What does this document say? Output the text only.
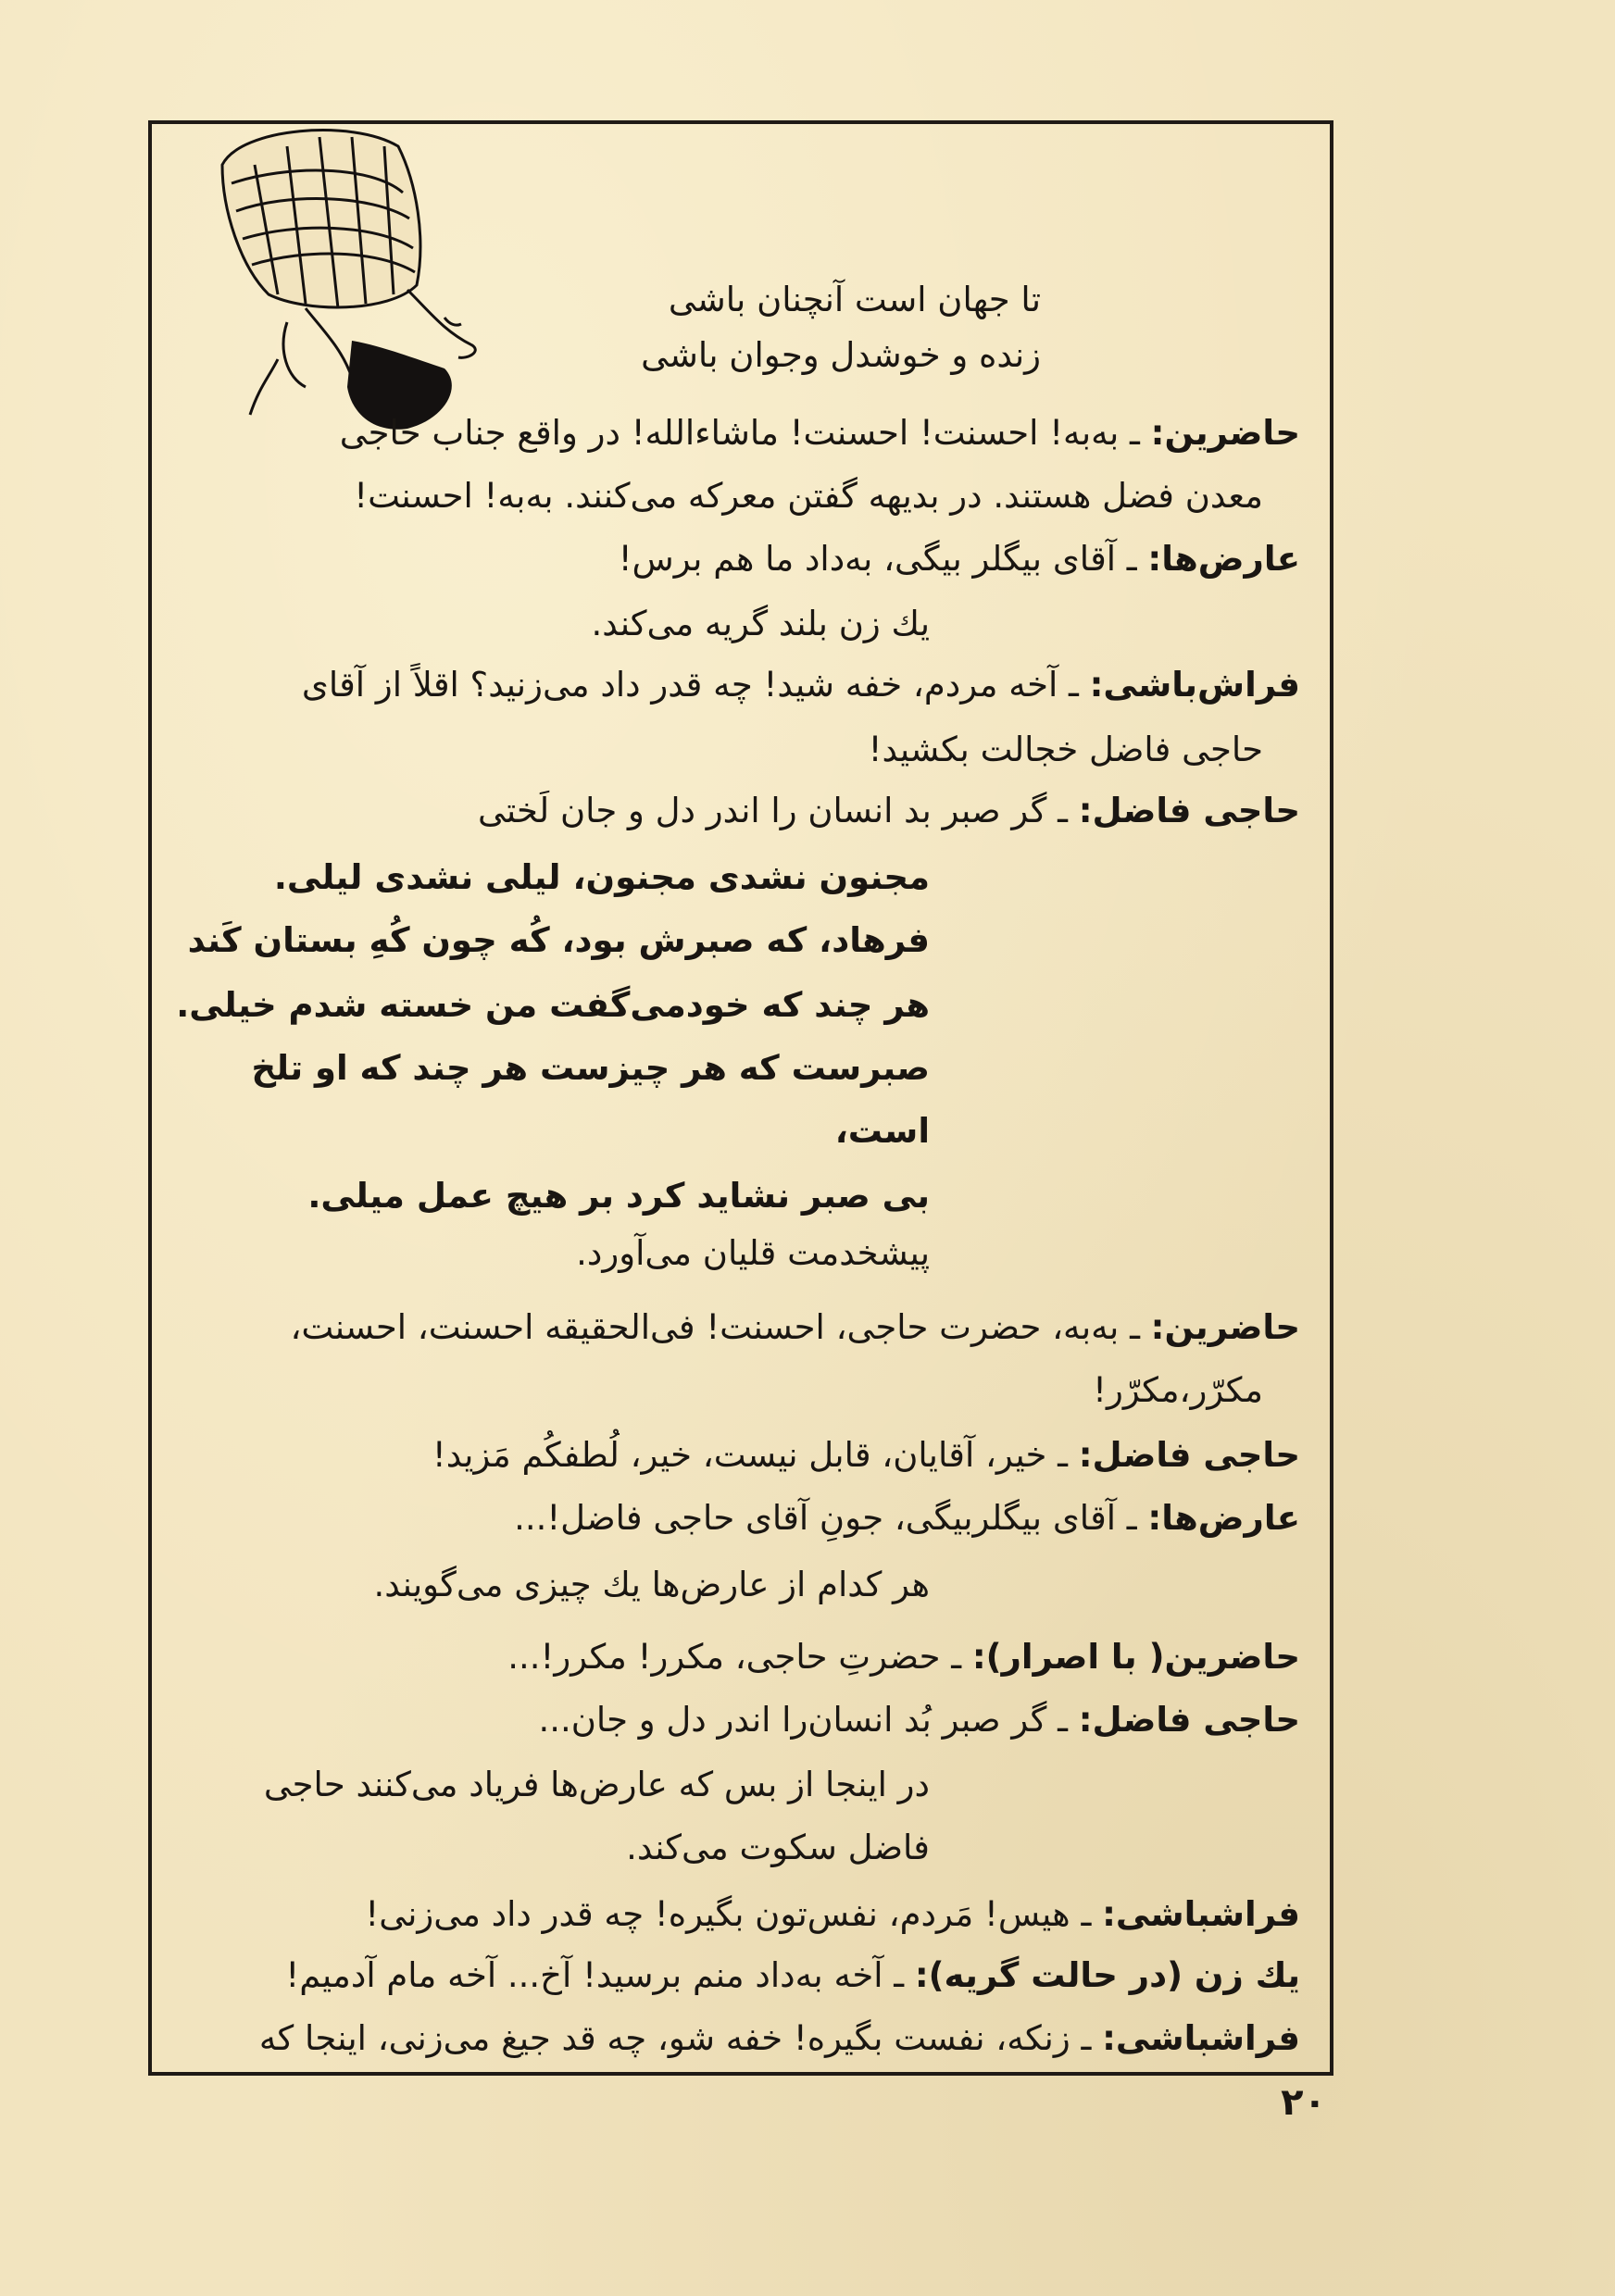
تا جهان است آنچنان باشی
زنده و خوشدل وجوان باشی
حاضرین: ـ به‌به! احسنت! احسنت! ماشاءالله! در واقع جناب حاجی
معدن فضل هستند. در بدیهه گفتن معرکه می‌کنند. به‌به! احسنت!
عارض‌ها: ـ آقای بیگلر بیگی، به‌داد ما هم برس!
یك زن بلند گریه می‌کند.
فراش‌باشی: ـ آخه مردم، خفه شید! چه قدر داد می‌زنید؟ اقلاً از آقای
حاجی فاضل خجالت بکشید!
حاجی فاضل: ـ گر صبر بد انسان را اندر دل و جان لَختی
مجنون نشدی مجنون، لیلی نشدی لیلی.
فرهاد، که صبرش بود، کُه چون کُهِ بستان کَند
هر چند که خودمی‌گفت من خسته شدم خیلی.
صبرست که هر چیزست هر چند که او تلخ
است،
بی صبر نشاید کرد بر هیچ عمل میلی.
پیشخدمت قلیان می‌آورد.
حاضرین: ـ به‌به، حضرت حاجی، احسنت! فی‌الحقیقه احسنت، احسنت،
مکرّر،مکرّر!
حاجی فاضل: ـ خیر، آقایان، قابل نیست، خیر، لُطفکُم مَزید!
عارض‌ها: ـ آقای بیگلربیگی، جونِ آقای حاجی فاضل!...
هر کدام از عارض‌ها یك چیزی می‌گویند.
حاضرین( با اصرار): ـ حضرتِ حاجی، مکرر! مکرر!...
حاجی فاضل: ـ گر صبر بُد انسان‌را اندر دل و جان...
در اینجا از بس که عارض‌ها فریاد می‌کنند حاجی
فاضل سکوت می‌کند.
فراشباشی: ـ هیس! مَردم، نفس‌تون بگیره! چه قدر داد می‌زنی!
یك زن (در حالت گریه): ـ آخه به‌داد منم برسید! آخ... آخه مام آدمیم!
فراشباشی: ـ زنکه، نفست بگیره! خفه شو، چه قد جیغ می‌زنی، اینجا که
۲۰
